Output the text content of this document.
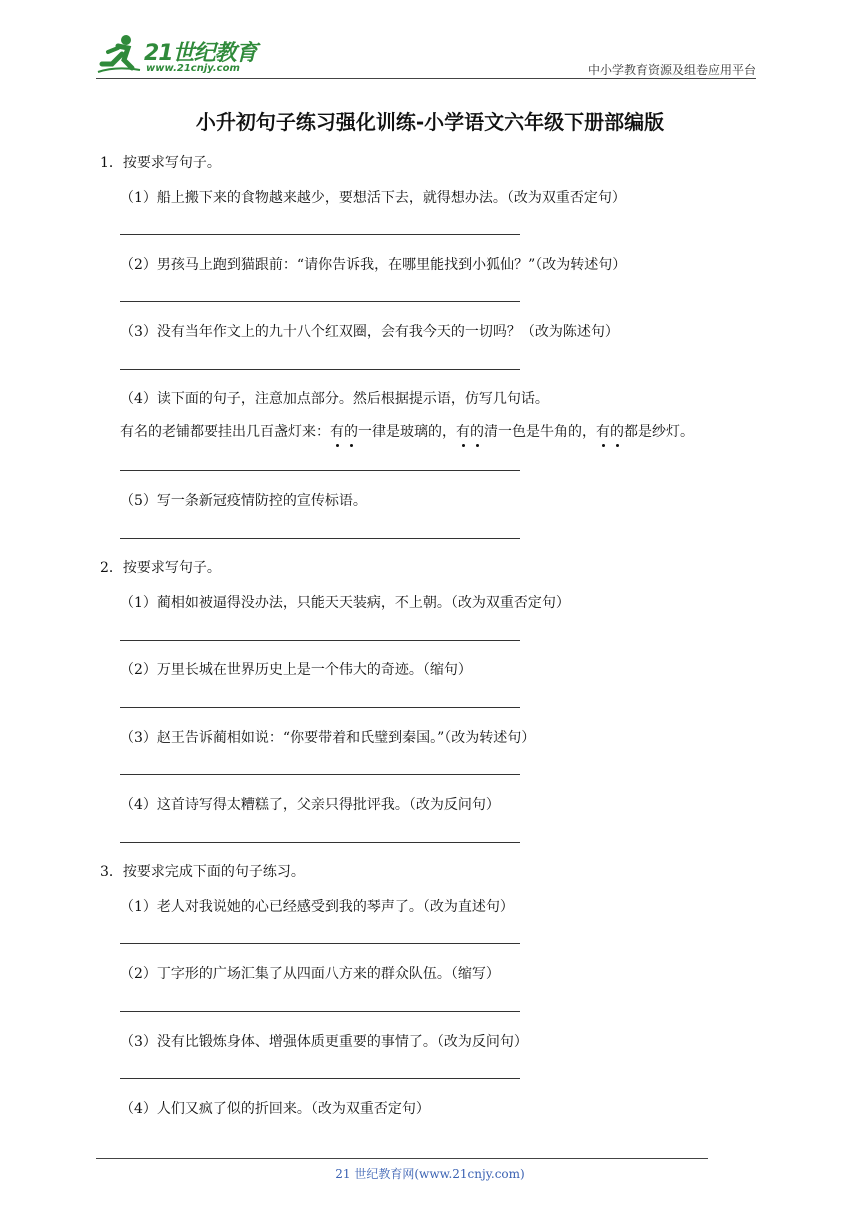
21世纪教育
www.21cnjy.com	中小学教育资源及组卷应用平台
小升初句子练习强化训练-小学语文六年级下册部编版
1．按要求写句子。
（1）船上搬下来的食物越来越少，要想活下去，就得想办法。（改为双重否定句）
（2）男孩马上跑到猫跟前：“请你告诉我，在哪里能找到小狐仙？”（改为转述句）
（3）没有当年作文上的九十八个红双圈，会有我今天的一切吗？（改为陈述句）
（4）读下面的句子，注意加点部分。然后根据提示语，仿写几句话。
有名的老铺都要挂出几百盏灯来：有的一律是玻璃的，有的清一色是牛角的，有的都是纱灯。
（5）写一条新冠疫情防控的宣传标语。
2．按要求写句子。
（1）蔺相如被逼得没办法，只能天天装病，不上朝。（改为双重否定句）
（2）万里长城在世界历史上是一个伟大的奇迹。（缩句）
（3）赵王告诉蔺相如说：“你要带着和氏璧到秦国。”（改为转述句）
（4）这首诗写得太糟糕了，父亲只得批评我。（改为反问句）
3．按要求完成下面的句子练习。
（1）老人对我说她的心已经感受到我的琴声了。（改为直述句）
（2）丁字形的广场汇集了从四面八方来的群众队伍。（缩写）
（3）没有比锻炼身体、增强体质更重要的事情了。（改为反问句）
（4）人们又疯了似的折回来。（改为双重否定句）
21 世纪教育网(www.21cnjy.com)
